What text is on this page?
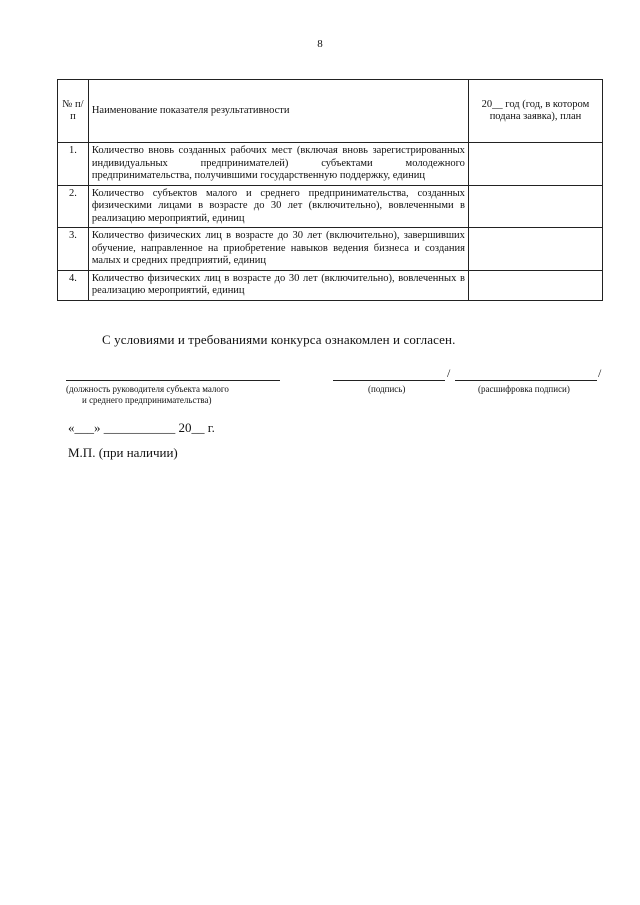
8
№ п/п	Наименование показателя результативности	20__ год (год, в котором подана заявка), план
1.	Количество вновь созданных рабочих мест (включая вновь зарегистрированных индивидуальных предпринимателей) субъектами молодежного предпринимательства, получившими государственную поддержку, единиц	
2.	Количество субъектов малого и среднего предпринимательства, созданных физическими лицами в возрасте до 30 лет (включительно), вовлеченными в реализацию мероприятий, единиц	
3.	Количество физических лиц в возрасте до 30 лет (включительно), завершивших обучение, направленное на приобретение навыков ведения бизнеса и создания малых и средних предприятий, единиц	
4.	Количество физических лиц в возрасте до 30 лет (включительно), вовлеченных в реализацию мероприятий, единиц	
С условиями и требованиями конкурса ознакомлен и согласен.
(должность руководителя субъекта малого
и среднего предпринимательства)
/	/
(подпись)	(расшифровка подписи)
«___» ___________ 20__ г.
М.П. (при наличии)
